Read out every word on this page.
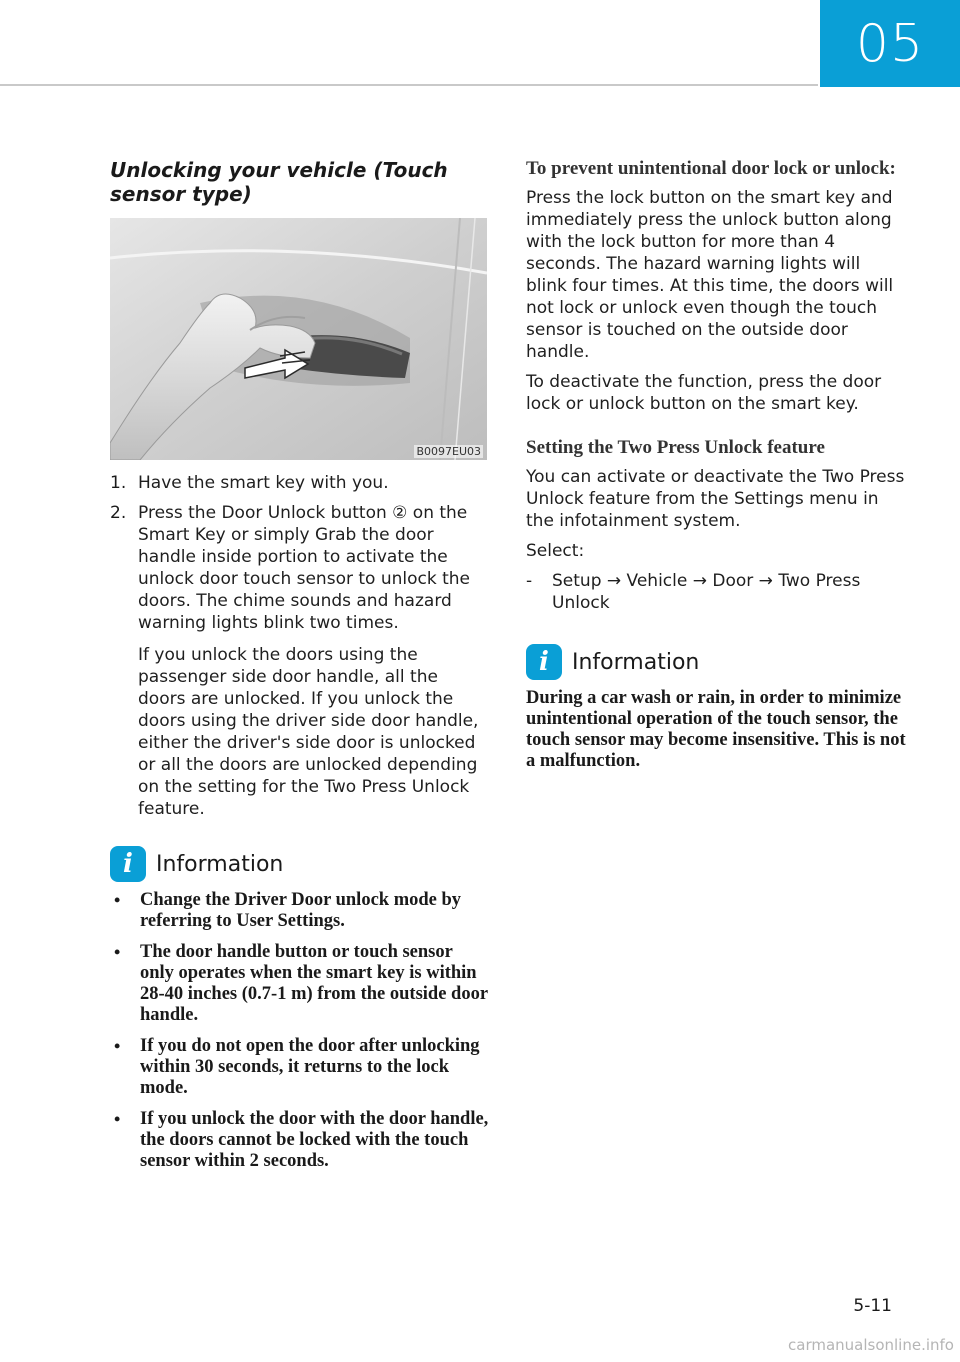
05
Unlocking your vehicle (Touch sensor type)
B0097EU03
1. Have the smart key with you.
2. Press the Door Unlock button ② on the Smart Key or simply Grab the door handle inside portion to activate the unlock door touch sensor to unlock the doors. The chime sounds and hazard warning lights blink two times.

If you unlock the doors using the passenger side door handle, all the doors are unlocked. If you unlock the doors using the driver side door handle, either the driver's side door is unlocked or all the doors are unlocked depending on the setting for the Two Press Unlock feature.

i	Information
•	Change the Driver Door unlock mode by referring to User Settings.
•	The door handle button or touch sensor only operates when the smart key is within 28-40 inches (0.7-1 m) from the outside door handle.
•	If you do not open the door after unlocking within 30 seconds, it returns to the lock mode.
•	If you unlock the door with the door handle, the doors cannot be locked with the touch sensor within 2 seconds.
To prevent unintentional door lock or unlock:

Press the lock button on the smart key and immediately press the unlock button along with the lock button for more than 4 seconds. The hazard warning lights will blink four times. At this time, the doors will not lock or unlock even though the touch sensor is touched on the outside door handle.

To deactivate the function, press the door lock or unlock button on the smart key.

Setting the Two Press Unlock feature

You can activate or deactivate the Two Press Unlock feature from the Settings menu in the infotainment system.

Select:

-	Setup → Vehicle → Door → Two Press Unlock
i	Information

During a car wash or rain, in order to minimize unintentional operation of the touch sensor, the touch sensor may become insensitive. This is not a malfunction.

5-11
carmanualsonline.info
